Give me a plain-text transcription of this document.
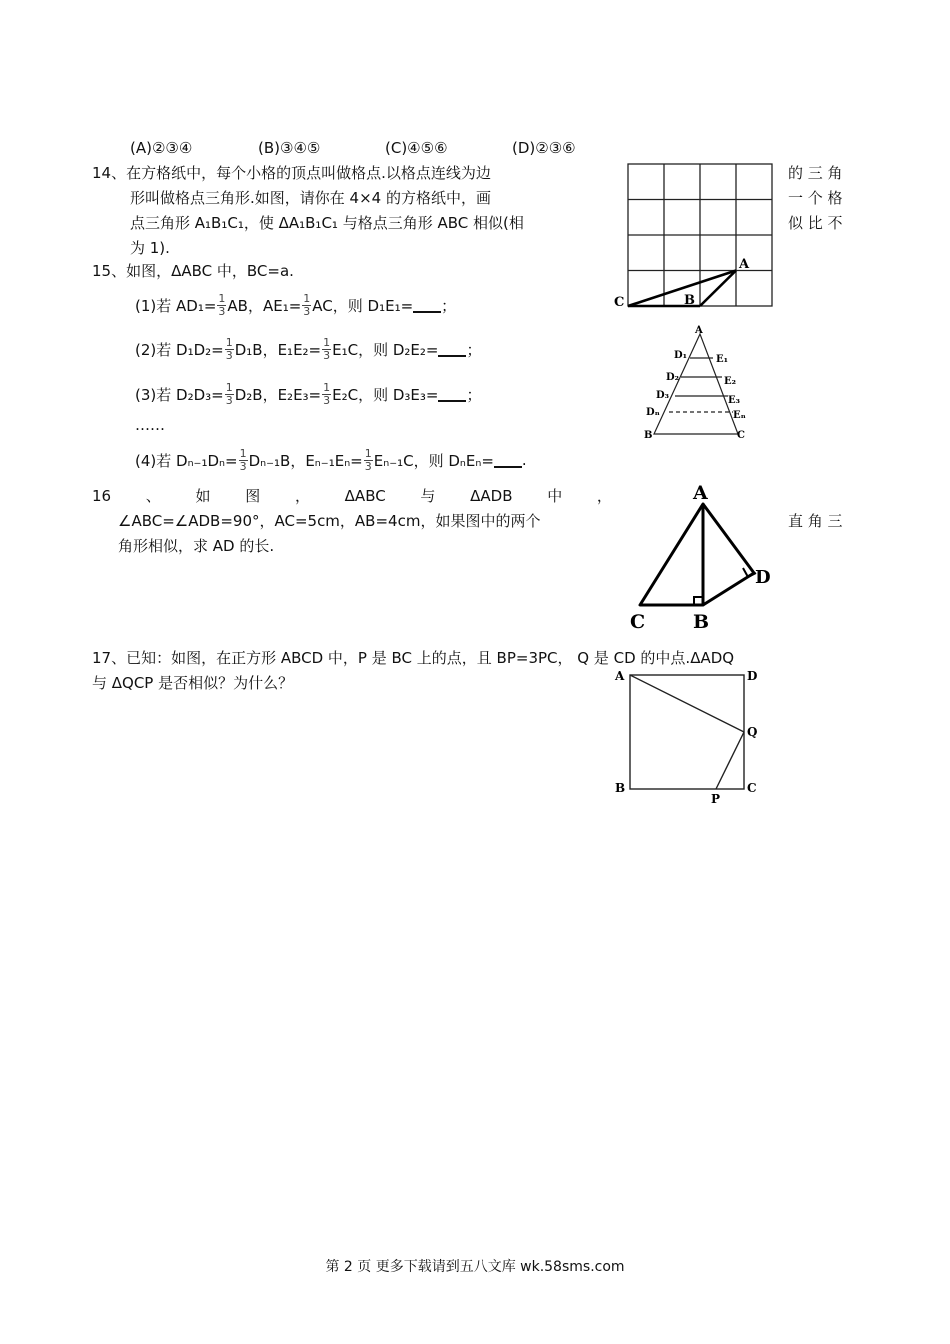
(A)②③④	(B)③④⑤	(C)④⑤⑥	(D)②③⑥
14、在方格纸中，每个小格的顶点叫做格点.以格点连线为边
形叫做格点三角形.如图，请你在 4×4 的方格纸中，画
点三角形 A₁B₁C₁，使 ΔA₁B₁C₁ 与格点三角形 ABC 相似(相
为 1).
的 三 角
一 个 格
似 比 不
A
B
C
15、如图，ΔABC 中，BC=a.
(1)若 $AD_1= \frac{1}{3}$ AB，$AE_1= \frac{1}{3}$ AC，则 D₁E₁= ；
(2)若 $D_1D_2= \frac{1}{3} D_1B$，$E_1E_2= \frac{1}{3} E_1C$，则 D₂E₂= ；
(3)若 $D_2D_3= \frac{1}{3} D_2B$，$E_2E_3= \frac{1}{3} E_2C$，则 D₃E₃= ；
……
(4)若 $D_{n-1}D_n= \frac{1}{3} D_{n-1}B$，$E_{n-1}E_n= \frac{1}{3} E_{n-1}C$，则 DₙEₙ= .
A
B	C
D₁
D₂
D₃
Dₙ
E₁
E₂
E₃
Eₙ
16 、 如 图 ， ΔABC 与 ΔADB 中 ，
∠ABC=∠ADB=90°，AC=5cm，AB=4cm，如果图中的两个	直 角 三
角形相似，求 AD 的长.
A
C	B
D
17、已知：如图，在正方形 ABCD 中，P 是 BC 上的点，且 BP=3PC， Q 是 CD 的中点.ΔADQ
与 ΔQCP 是否相似？为什么？	A	D
Q
B	C
P
第 2 页 更多下载请到五八文库 wk.58sms.com
